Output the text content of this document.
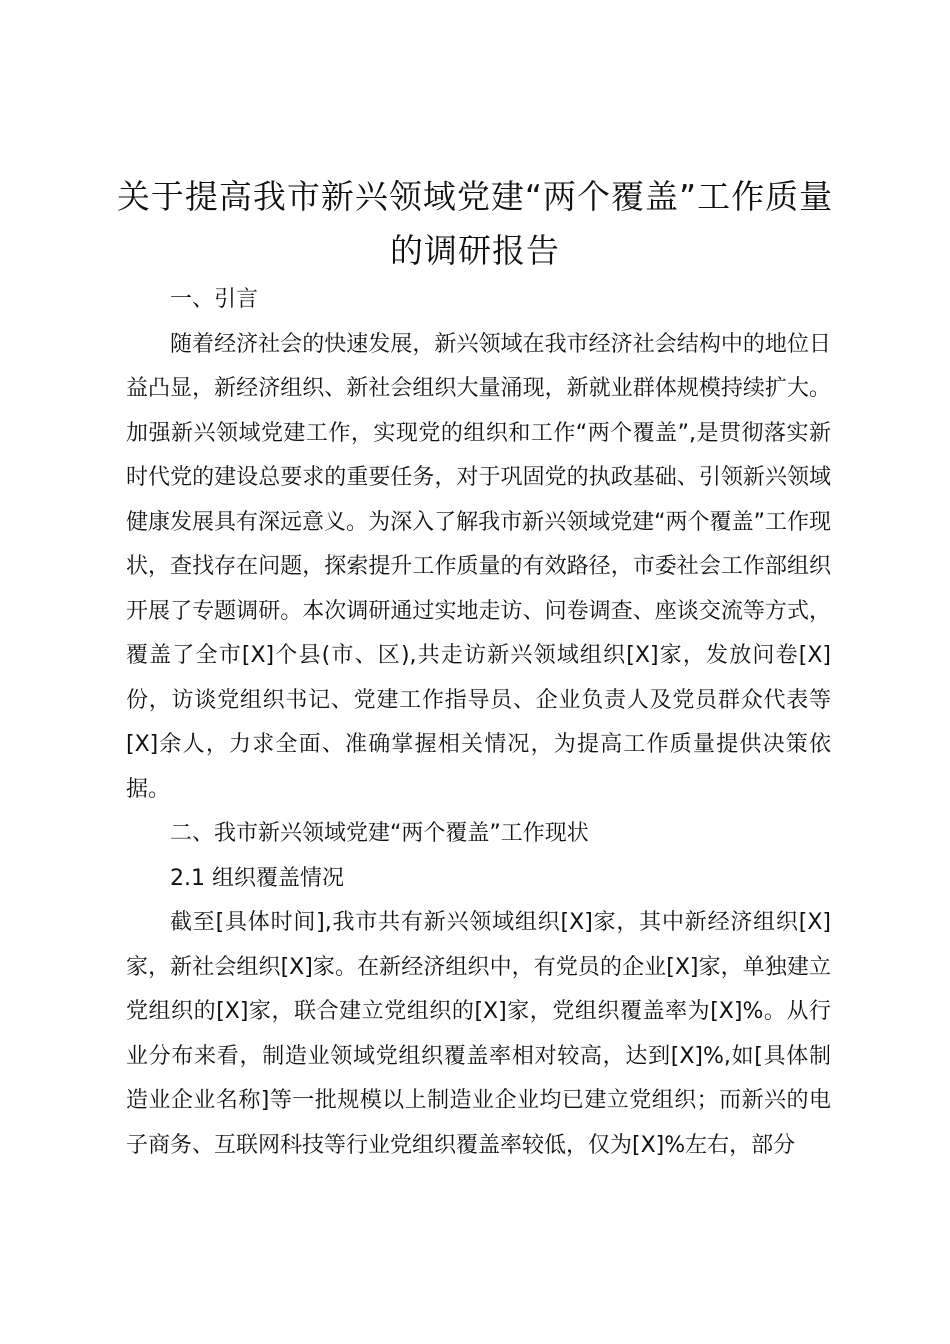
关于提高我市新兴领域党建“两个覆盖”工作质量的调研报告

一、引言

随着经济社会的快速发展，新兴领域在我市经济社会结构中的地位日益凸显，新经济组织、新社会组织大量涌现，新就业群体规模持续扩大。加强新兴领域党建工作，实现党的组织和工作“两个覆盖”,是贯彻落实新时代党的建设总要求的重要任务，对于巩固党的执政基础、引领新兴领域健康发展具有深远意义。为深入了解我市新兴领域党建“两个覆盖”工作现状，查找存在问题，探索提升工作质量的有效路径，市委社会工作部组织开展了专题调研。本次调研通过实地走访、问卷调查、座谈交流等方式，覆盖了全市[X]个县(市、区),共走访新兴领域组织[X]家，发放问卷[X]份，访谈党组织书记、党建工作指导员、企业负责人及党员群众代表等[X]余人，力求全面、准确掌握相关情况，为提高工作质量提供决策依据。

二、我市新兴领域党建“两个覆盖”工作现状

2.1 组织覆盖情况

截至[具体时间],我市共有新兴领域组织[X]家，其中新经济组织[X]家，新社会组织[X]家。在新经济组织中，有党员的企业[X]家，单独建立党组织的[X]家，联合建立党组织的[X]家，党组织覆盖率为[X]%。从行业分布来看，制造业领域党组织覆盖率相对较高，达到[X]%,如[具体制造业企业名称]等一批规模以上制造业企业均已建立党组织；而新兴的电子商务、互联网科技等行业党组织覆盖率较低，仅为[X]%左右，部分
